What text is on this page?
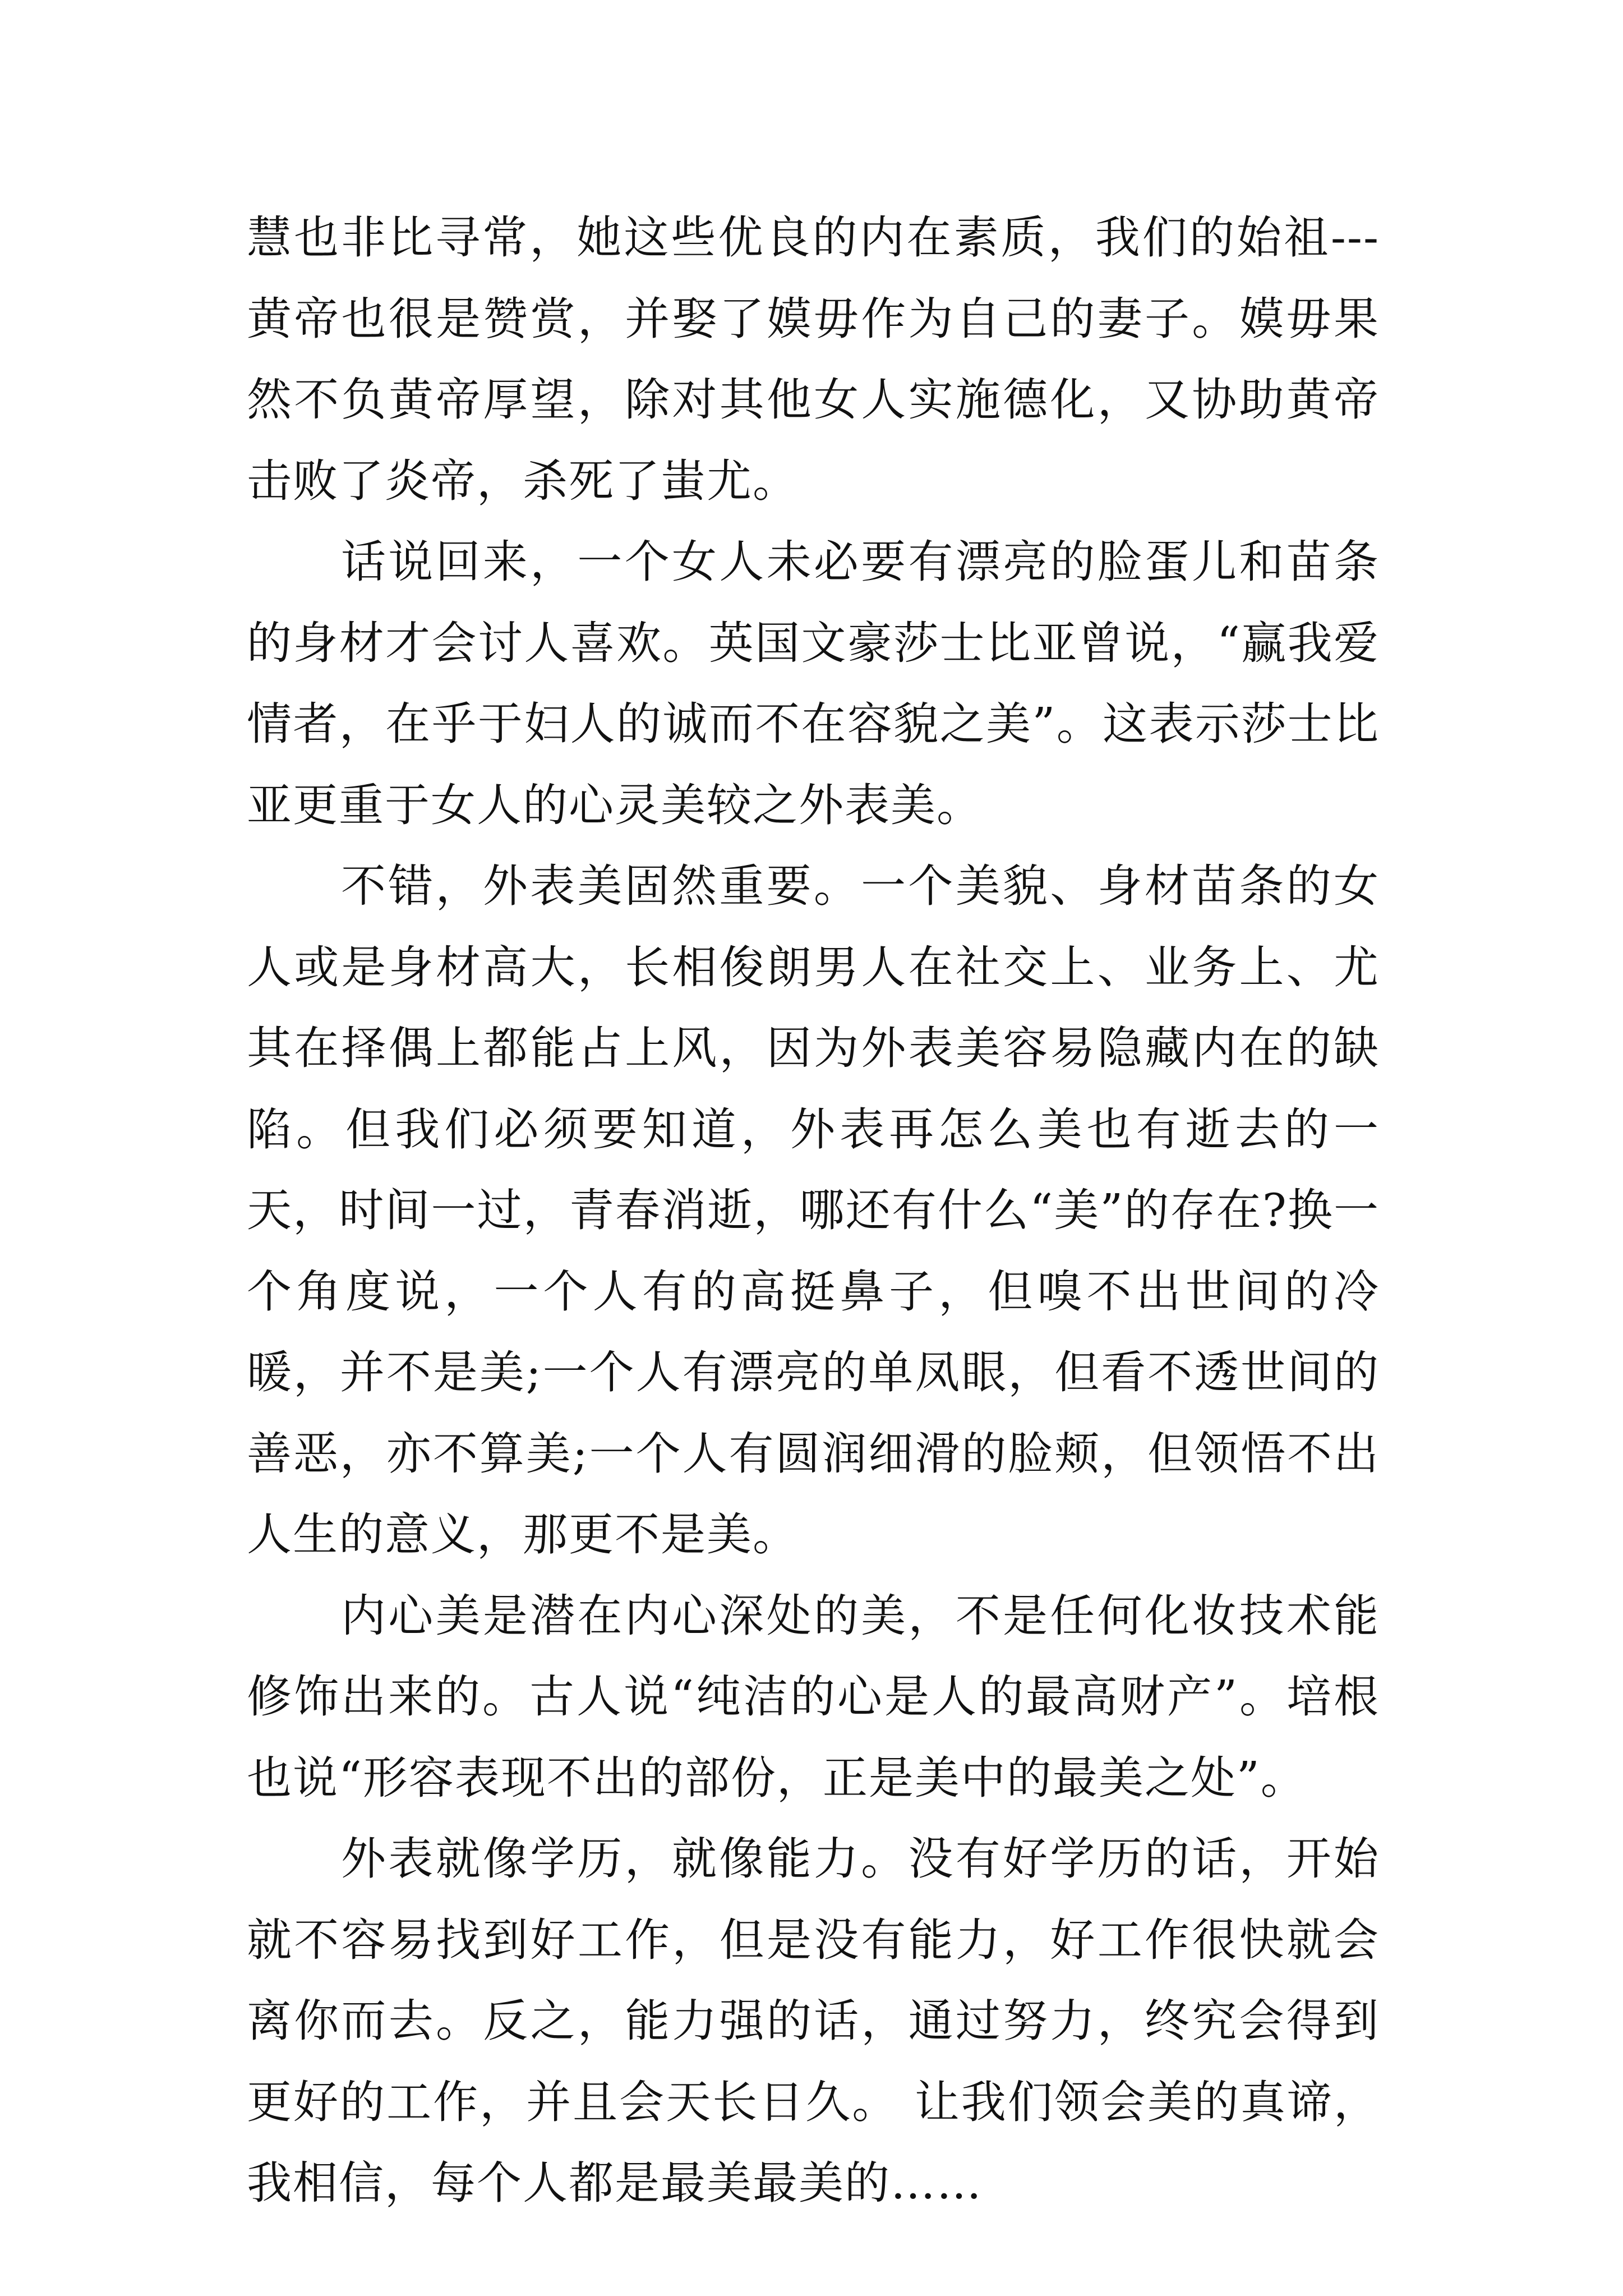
慧也非比寻常，她这些优良的内在素质，我们的始祖---黄帝也很是赞赏，并娶了嫫毋作为自己的妻子。嫫毋果然不负黄帝厚望，除对其他女人实施德化，又协助黄帝击败了炎帝，杀死了蚩尤。

话说回来，一个女人未必要有漂亮的脸蛋儿和苗条的身材才会讨人喜欢。英国文豪莎士比亚曾说，“赢我爱情者，在乎于妇人的诚而不在容貌之美”。这表示莎士比亚更重于女人的心灵美较之外表美。

不错，外表美固然重要。一个美貌、身材苗条的女人或是身材高大，长相俊朗男人在社交上、业务上、尤其在择偶上都能占上风，因为外表美容易隐藏内在的缺陷。但我们必须要知道，外表再怎么美也有逝去的一天，时间一过，青春消逝，哪还有什么“美”的存在?换一个角度说，一个人有的高挺鼻子，但嗅不出世间的冷暖，并不是美;一个人有漂亮的单凤眼，但看不透世间的善恶，亦不算美;一个人有圆润细滑的脸颊，但领悟不出人生的意义，那更不是美。

内心美是潜在内心深处的美，不是任何化妆技术能修饰出来的。古人说“纯洁的心是人的最高财产”。培根也说“形容表现不出的部份，正是美中的最美之处”。

外表就像学历，就像能力。没有好学历的话，开始就不容易找到好工作，但是没有能力，好工作很快就会离你而去。反之，能力强的话，通过努力，终究会得到更好的工作，并且会天长日久。 让我们领会美的真谛，我相信，每个人都是最美最美的……
